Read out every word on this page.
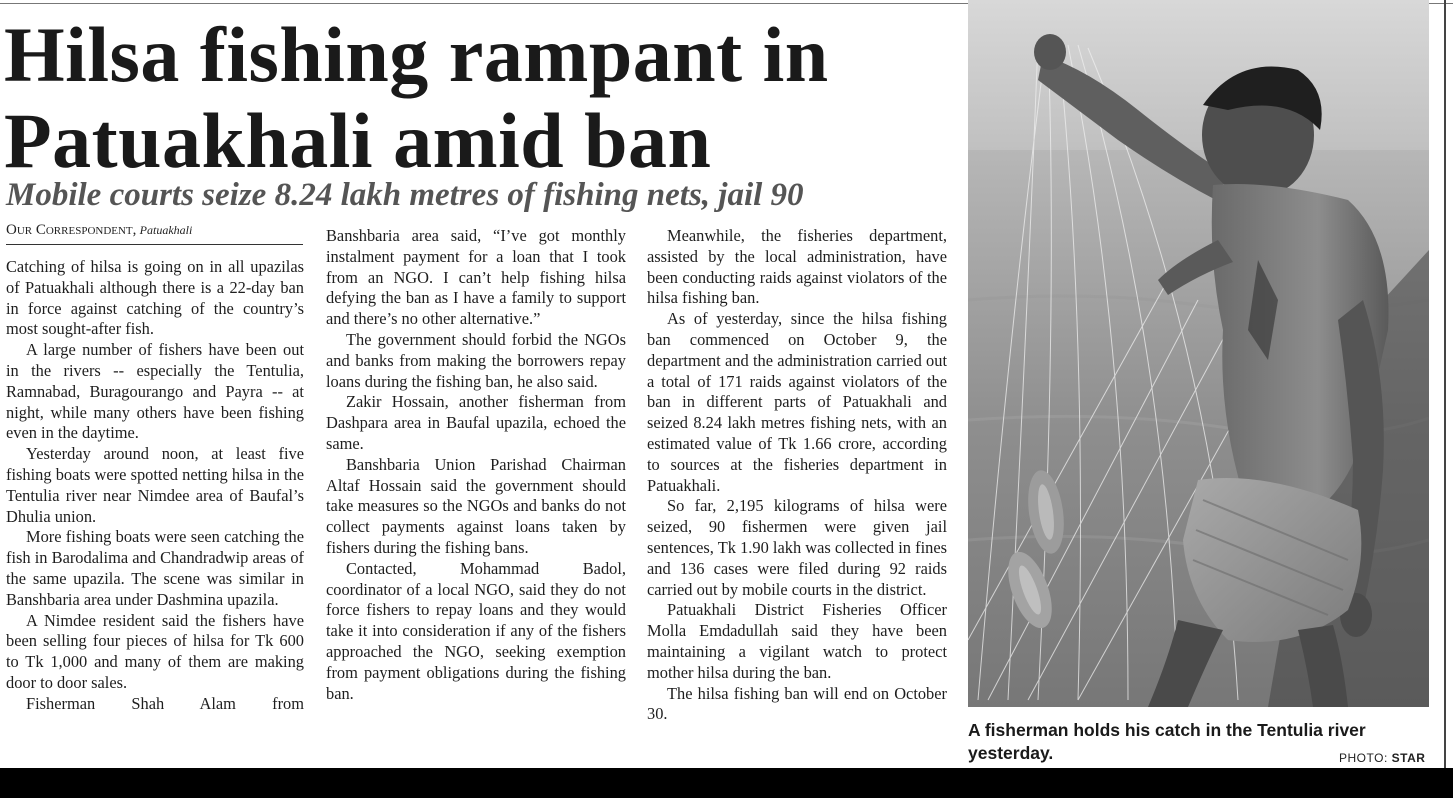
Hilsa fishing rampant in
Patuakhali amid ban
Mobile courts seize 8.24 lakh metres of fishing nets, jail 90
Our Correspondent, Patuakhali

Catching of hilsa is going on in all upazilas of Patuakhali although there is a 22-day ban in force against catching of the country’s most sought-after fish.

A large number of fishers have been out in the rivers -- especially the Tentulia, Ramnabad, Buragourango and Payra -- at night, while many others have been fishing even in the daytime.

Yesterday around noon, at least five fishing boats were spotted netting hilsa in the Tentulia river near Nimdee area of Baufal’s Dhulia union.

More fishing boats were seen catching the fish in Barodalima and Chandradwip areas of the same upazila. The scene was similar in Banshbaria area under Dashmina upazila.

A Nimdee resident said the fishers have been selling four pieces of hilsa for Tk 600 to Tk 1,000 and many of them are making door to door sales.

Fisherman Shah Alam from

Banshbaria area said, “I’ve got monthly instalment payment for a loan that I took from an NGO. I can’t help fishing hilsa defying the ban as I have a family to support and there’s no other alternative.”

The government should forbid the NGOs and banks from making the borrowers repay loans during the fishing ban, he also said.

Zakir Hossain, another fisherman from Dashpara area in Baufal upazila, echoed the same.

Banshbaria Union Parishad Chairman Altaf Hossain said the government should take measures so the NGOs and banks do not collect payments against loans taken by fishers during the fishing bans.

Contacted, Mohammad Badol, coordinator of a local NGO, said they do not force fishers to repay loans and they would take it into consideration if any of the fishers approached the NGO, seeking exemption from payment obligations during the fishing ban.

Meanwhile, the fisheries department, assisted by the local administration, have been conducting raids against violators of the hilsa fishing ban.

As of yesterday, since the hilsa fishing ban commenced on October 9, the department and the administration carried out a total of 171 raids against violators of the ban in different parts of Patuakhali and seized 8.24 lakh metres fishing nets, with an estimated value of Tk 1.66 crore, according to sources at the fisheries department in Patuakhali.

So far, 2,195 kilograms of hilsa were seized, 90 fishermen were given jail sentences, Tk 1.90 lakh was collected in fines and 136 cases were filed during 92 raids carried out by mobile courts in the district.

Patuakhali District Fisheries Officer Molla Emdadullah said they have been maintaining a vigilant watch to protect mother hilsa during the ban.

The hilsa fishing ban will end on October 30.

A fisherman holds his catch in the Tentulia river yesterday.	PHOTO: STAR
